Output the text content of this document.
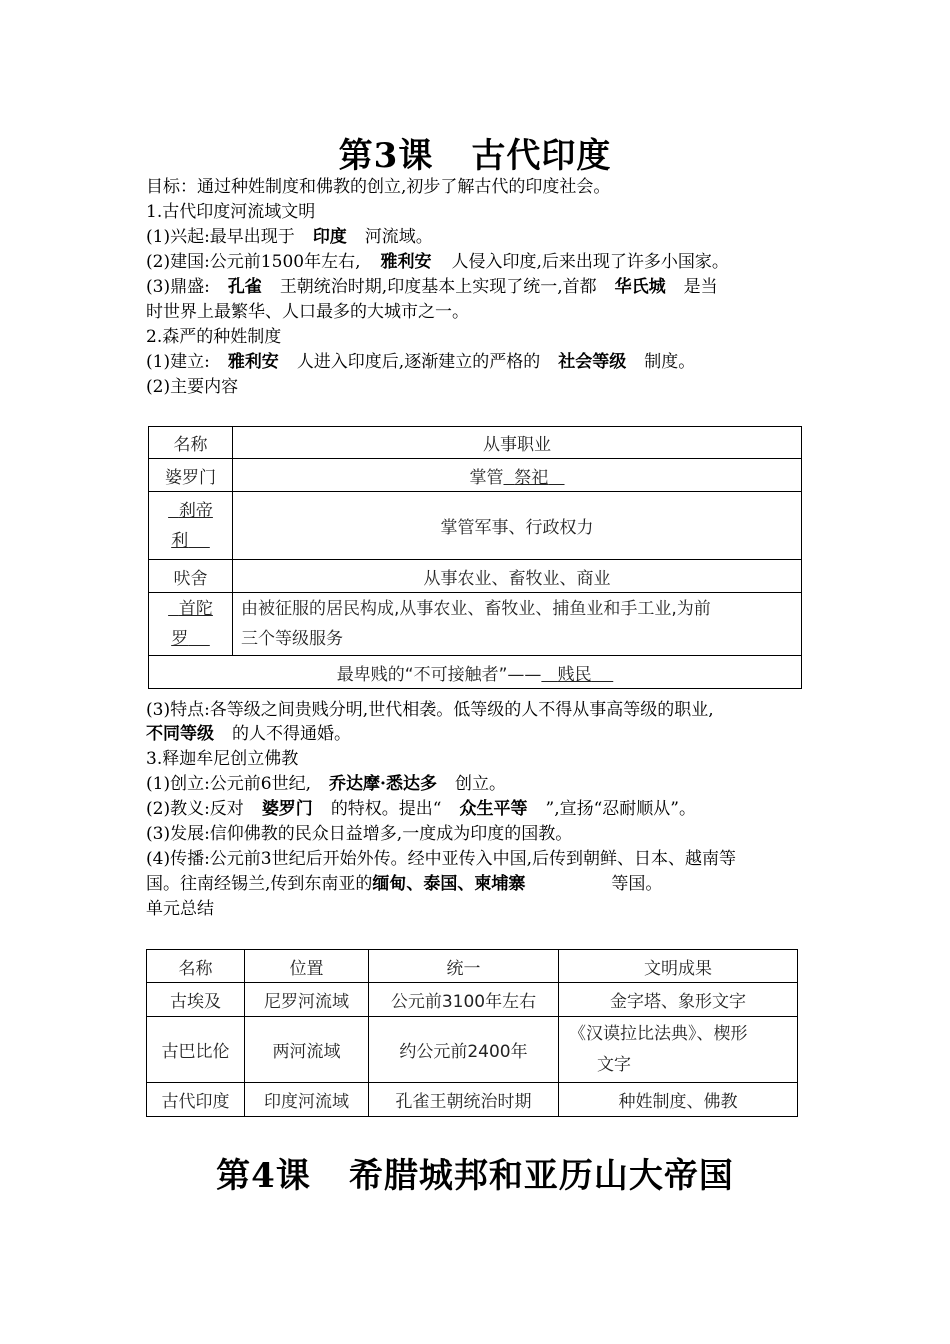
第3课 古代印度
目标：通过种姓制度和佛教的创立,初步了解古代的印度社会。
1.古代印度河流域文明
(1)兴起:最早出现于 印度 河流域。
(2)建国:公元前1500年左右, 雅利安 人侵入印度,后来出现了许多小国家。
(3)鼎盛: 孔雀 王朝统治时期,印度基本上实现了统一,首都 华氏城 是当
时世界上最繁华、人口最多的大城市之一。
2.森严的种姓制度
(1)建立: 雅利安 人进入印度后,逐渐建立的严格的 社会等级 制度。
(2)主要内容
名称	从事职业
婆罗门	掌管 祭祀
刹帝
利	掌管军事、行政权力
吠舍	从事农业、畜牧业、商业
首陀
罗	由被征服的居民构成,从事农业、畜牧业、捕鱼业和手工业,为前
三个等级服务
最卑贱的“不可接触者”—— 贱民	
(3)特点:各等级之间贵贱分明,世代相袭。低等级的人不得从事高等级的职业,
不同等级 的人不得通婚。
3.释迦牟尼创立佛教
(1)创立:公元前6世纪, 乔达摩·悉达多 创立。
(2)教义:反对 婆罗门 的特权。提出“ 众生平等 ”,宣扬“忍耐顺从”。
(3)发展:信仰佛教的民众日益增多,一度成为印度的国教。
(4)传播:公元前3世纪后开始外传。经中亚传入中国,后传到朝鲜、日本、越南等
国。往南经锡兰,传到东南亚的缅甸、泰国、柬埔寨	等国。
单元总结
名称	位置	统一	文明成果
古埃及	尼罗河流域	公元前3100年左右	金字塔、象形文字
古巴比伦	两河流域	约公元前2400年	《汉谟拉比法典》、楔形
文字
古代印度	印度河流域	孔雀王朝统治时期	种姓制度、佛教
第4课 希腊城邦和亚历山大帝国
